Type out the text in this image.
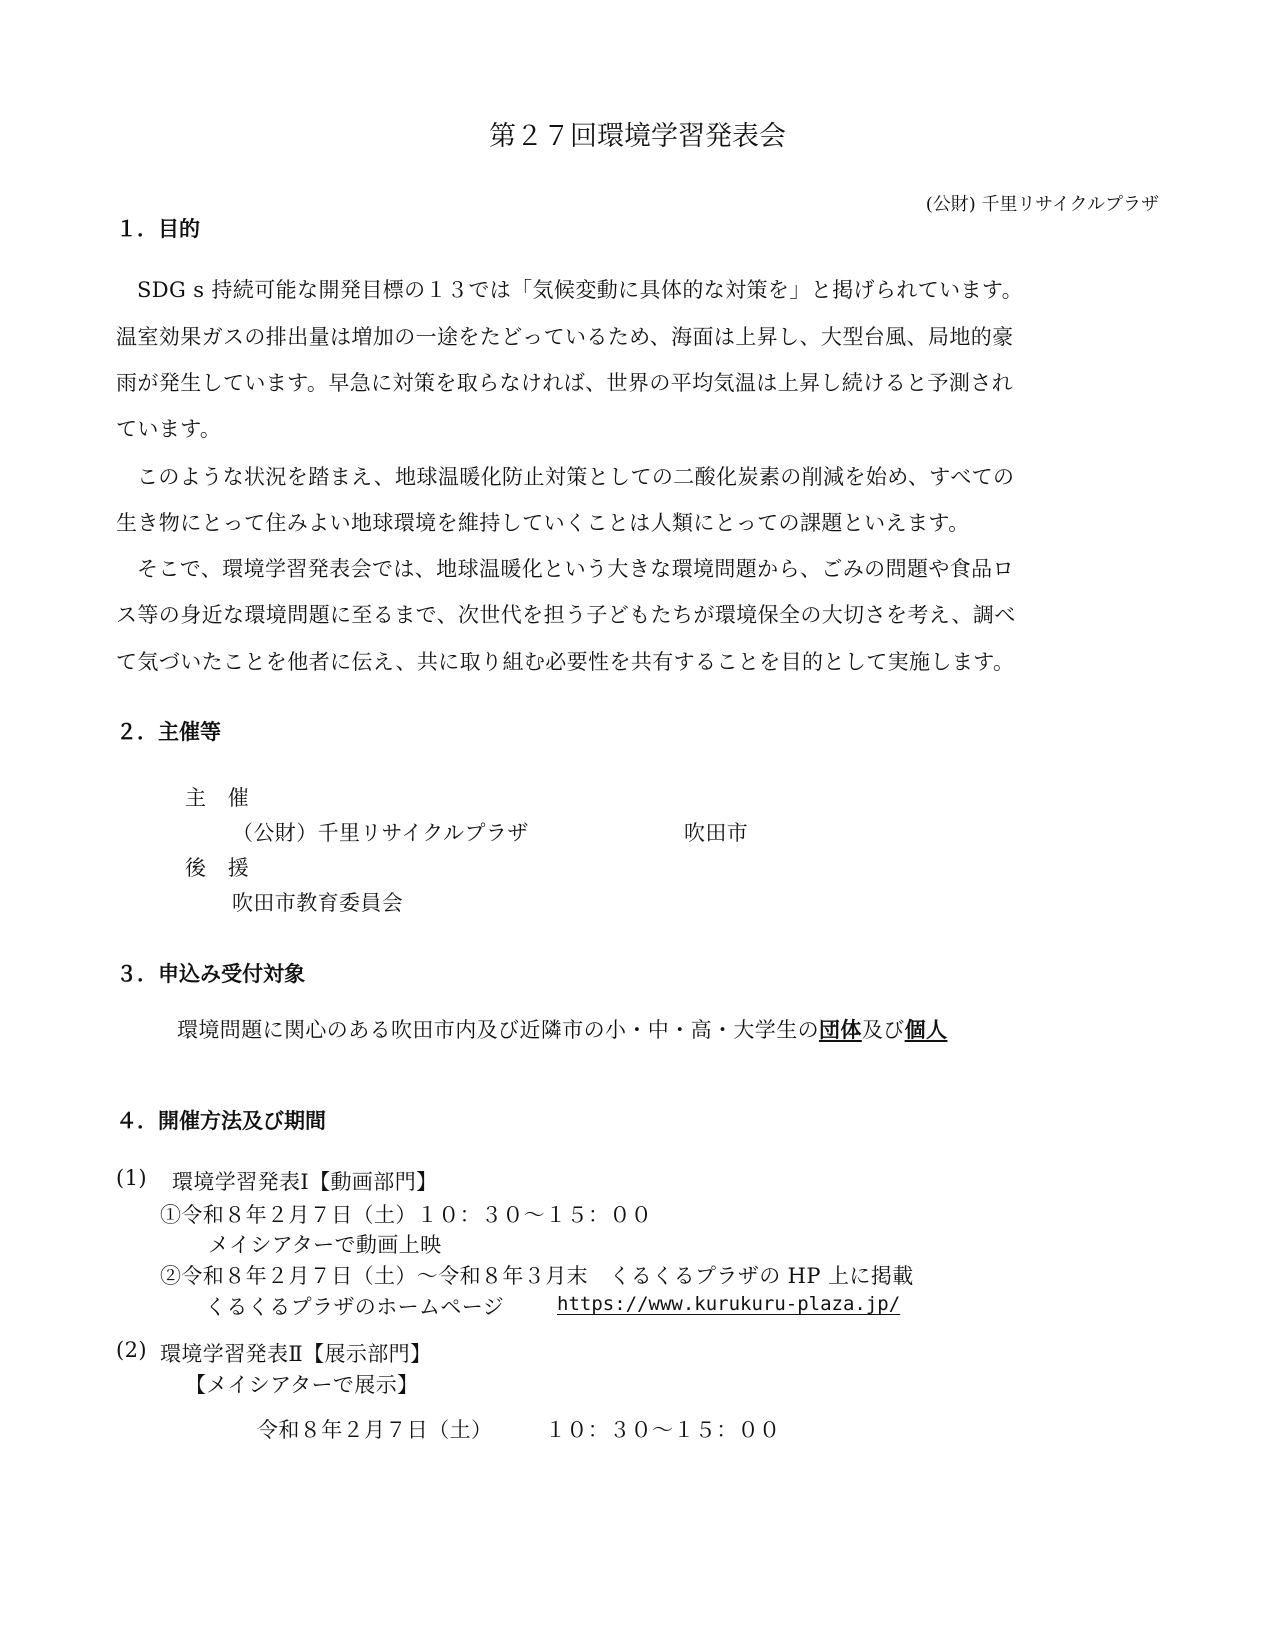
第２７回環境学習発表会
(公財) 千里リサイクルプラザ
１．目的
SDG s 持続可能な開発目標の１３では「気候変動に具体的な対策を」と掲げられています。
温室効果ガスの排出量は増加の一途をたどっているため、海面は上昇し、大型台風、局地的豪
雨が発生しています。早急に対策を取らなければ、世界の平均気温は上昇し続けると予測され
ています。
このような状況を踏まえ、地球温暖化防止対策としての二酸化炭素の削減を始め、すべての
生き物にとって住みよい地球環境を維持していくことは人類にとっての課題といえます。
そこで、環境学習発表会では、地球温暖化という大きな環境問題から、ごみの問題や食品ロ
ス等の身近な環境問題に至るまで、次世代を担う子どもたちが環境保全の大切さを考え、調べ
て気づいたことを他者に伝え、共に取り組む必要性を共有することを目的として実施します。
２．主催等
主　催
（公財）千里リサイクルプラザ	吹田市
後　援
吹田市教育委員会
３．申込み受付対象
環境問題に関心のある吹田市内及び近隣市の小・中・高・大学生の団体及び個人
４．開催方法及び期間
(1) 環境学習発表Ⅰ【動画部門】
①令和８年２月７日（土）１０：３０～１５：００
メイシアターで動画上映
②令和８年２月７日（土）～令和８年３月末　くるくるプラザの HP 上に掲載
くるくるプラザのホームページ	https://www.kurukuru-plaza.jp/
(2) 環境学習発表Ⅱ【展示部門】
【メイシアターで展示】
令和８年２月７日（土）	１０：３０～１５：００
